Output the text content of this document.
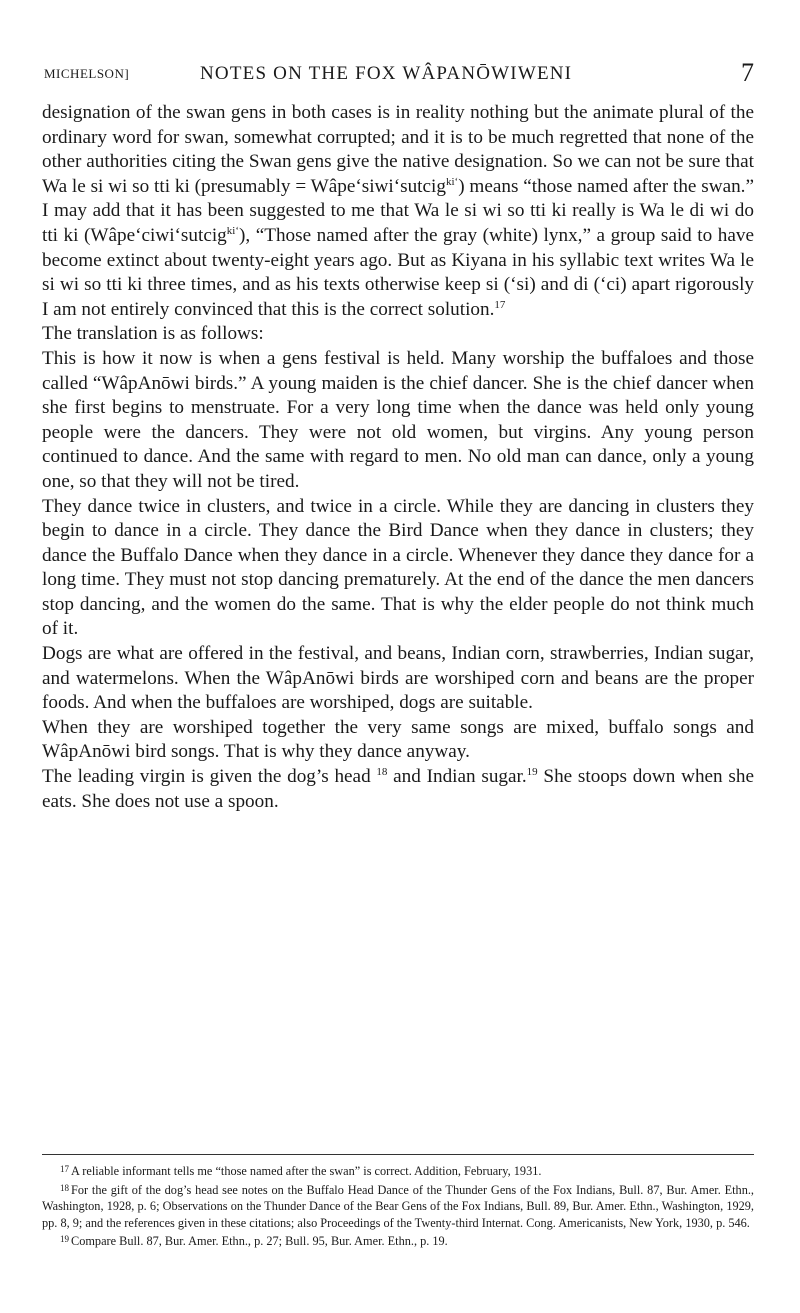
MICHELSON]	NOTES ON THE FOX WÂPANŌWIWENI	7

designation of the swan gens in both cases is in reality nothing but the animate plural of the ordinary word for swan, somewhat corrupted; and it is to be much regretted that none of the other authorities citing the Swan gens give the native designation. So we can not be sure that Wa le si wi so tti ki (presumably = Wâpe‘siwi‘sutcig$^{ki‘}$) means “those named after the swan.” I may add that it has been suggested to me that Wa le si wi so tti ki really is Wa le di wi do tti ki (Wâpe‘ciwi‘sutcig$^{ki‘}$), “Those named after the gray (white) lynx,” a group said to have become extinct about twenty-eight years ago. But as Kiyana in his syllabic text writes Wa le si wi so tti ki three times, and as his texts otherwise keep si (‘si) and di (‘ci) apart rigorously I am not entirely convinced that this is the correct solution.$^{17}$

The translation is as follows:

This is how it now is when a gens festival is held. Many worship the buffaloes and those called “WâpAnōwi birds.” A young maiden is the chief dancer. She is the chief dancer when she first begins to menstruate. For a very long time when the dance was held only young people were the dancers. They were not old women, but virgins. Any young person continued to dance. And the same with regard to men. No old man can dance, only a young one, so that they will not be tired.

They dance twice in clusters, and twice in a circle. While they are dancing in clusters they begin to dance in a circle. They dance the Bird Dance when they dance in clusters; they dance the Buffalo Dance when they dance in a circle. Whenever they dance they dance for a long time. They must not stop dancing prematurely. At the end of the dance the men dancers stop dancing, and the women do the same. That is why the elder people do not think much of it.

Dogs are what are offered in the festival, and beans, Indian corn, strawberries, Indian sugar, and watermelons. When the WâpAnōwi birds are worshiped corn and beans are the proper foods. And when the buffaloes are worshiped, dogs are suitable.

When they are worshiped together the very same songs are mixed, buffalo songs and WâpAnōwi bird songs. That is why they dance anyway.

The leading virgin is given the dog’s head $^{18}$ and Indian sugar.$^{19}$ She stoops down when she eats. She does not use a spoon.

$^{17}$ A reliable informant tells me “those named after the swan” is correct. Addition, February, 1931.

$^{18}$ For the gift of the dog’s head see notes on the Buffalo Head Dance of the Thunder Gens of the Fox Indians, Bull. 87, Bur. Amer. Ethn., Washington, 1928, p. 6; Observations on the Thunder Dance of the Bear Gens of the Fox Indians, Bull. 89, Bur. Amer. Ethn., Washington, 1929, pp. 8, 9; and the references given in these citations; also Proceedings of the Twenty-third Internat. Cong. Americanists, New York, 1930, p. 546.

$^{19}$ Compare Bull. 87, Bur. Amer. Ethn., p. 27; Bull. 95, Bur. Amer. Ethn., p. 19.
